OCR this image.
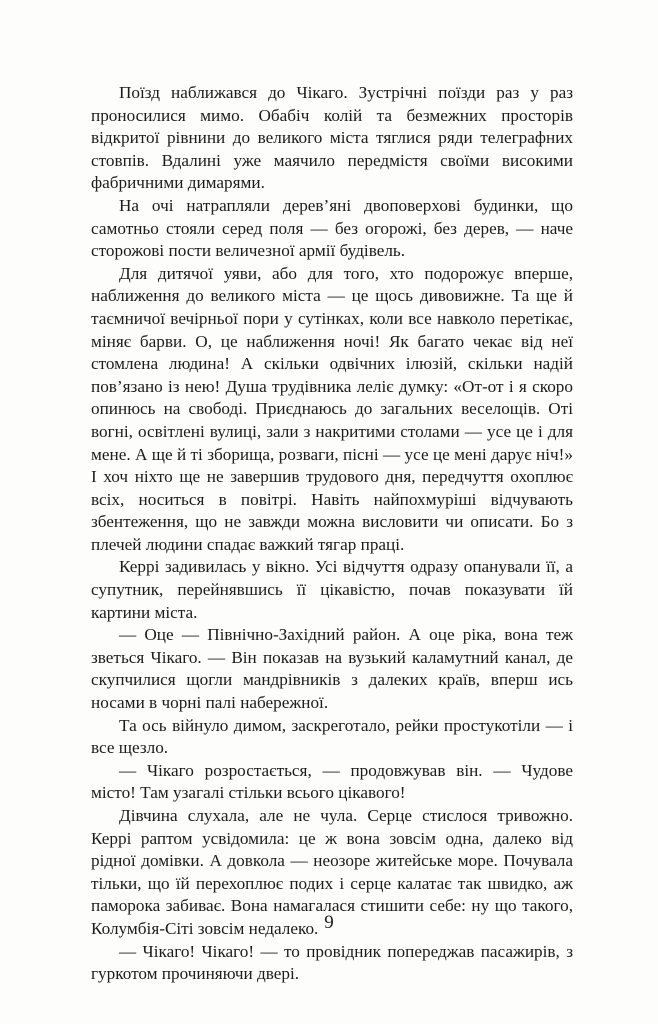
Поїзд наближався до Чікаго. Зустрічні поїзди раз у раз проносилися мимо. Обабіч колій та безмежних просторів відкритої рівнини до великого міста тяглися ряди телеграфних стовпів. Вдалині уже маячило передмістя своїми високими фабричними димарями.

На очі натрапляли дерев’яні двоповерхові будинки, що самотньо стояли серед поля — без огорожі, без дерев, — наче сторожові пости величезної армії будівель.

Для дитячої уяви, або для того, хто подорожує вперше, наближення до великого міста — це щось дивовижне. Та ще й таємничої вечірньої пори у сутінках, коли все навколо перетікає, міняє барви. О, це наближення ночі! Як багато чекає від неї стомлена людина! А скільки одвічних ілюзій, скільки надій пов’язано із нею! Душа трудівника леліє думку: «От-от і я скоро опинюсь на свободі. Приєднаюсь до загальних веселощів. Оті вогні, освітлені вулиці, зали з накритими столами — усе це і для мене. А ще й ті зборища, розваги, пісні — усе це мені дарує ніч!» І хоч ніхто ще не завершив трудового дня, передчуття охоплює всіх, носиться в повітрі. Навіть найпохмуріші відчувають збентеження, що не завжди можна висловити чи описати. Бо з плечей людини спадає важкий тягар праці.

Керрі задивилась у вікно. Усі відчуття одразу опанували її, а супутник, перейнявшись її цікавістю, почав показувати їй картини міста.

— Оце — Північно-Західний район. А оце ріка, вона теж зветься Чікаго. — Він показав на вузький каламутний канал, де скупчилися щогли мандрівників з далеких країв, вперш ись носами в чорні палі набережної.

Та ось війнуло димом, заскреготало, рейки простукотіли — і все щезло.

— Чікаго розростається, — продовжував він. — Чудове місто! Там узагалі стільки всього цікавого!

Дівчина слухала, але не чула. Серце стислося тривожно. Керрі раптом усвідомила: це ж вона зовсім одна, далеко від рідної домівки. А довкола — неозоре житейське море. Почувала тільки, що їй перехоплює подих і серце калатає так швидко, аж паморока забиває. Вона намагалася стишити себе: ну що такого, Колумбія-Сіті зовсім недалеко.

— Чікаго! Чікаго! — то провідник попереджав пасажирів, з гуркотом прочиняючи двері.

9
